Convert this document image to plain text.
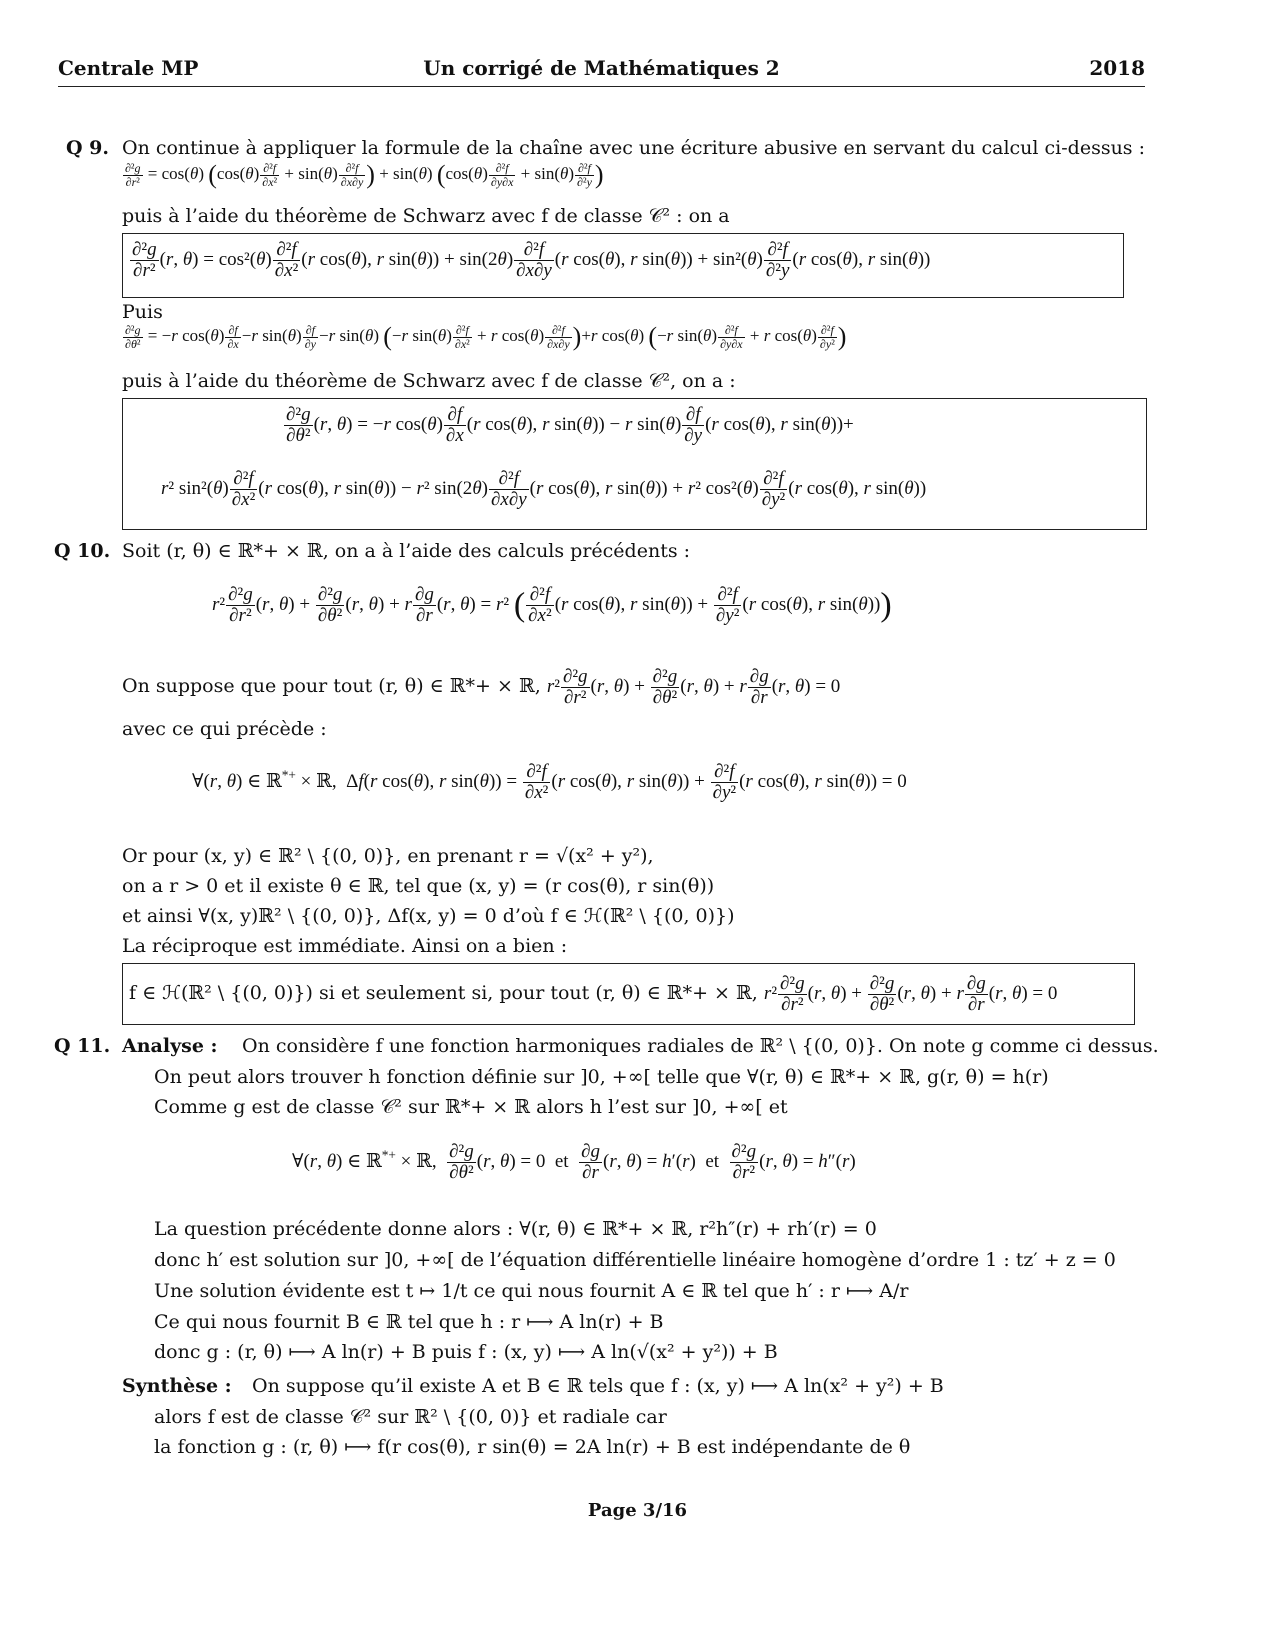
Centrale MP	Un corrigé de Mathématiques 2	2018
Q 9. On continue à appliquer la formule de la chaîne avec une écriture abusive en servant du calcul ci-dessus :
$\frac{\text{∂²g}}{\text{∂r²}} = \cos(\theta)$ ($\cos(\theta) \frac{\text{∂²f}}{\text{∂x²}} + \sin(\theta) \frac{\text{∂²f}}{\partial x\partial y}$ ) + sin(θ) ($\cos(\theta) \frac{\text{∂²f}}{\partial y\partial x} + \sin(\theta) \frac{\text{∂²f}}{\text{∂²y}}$ )
puis à l’aide du théorème de Schwarz avec f de classe 𝒞² : on a
$\frac{\text{∂²g}}{\text{∂r²}} (r$, $\theta) = \cos^2(\theta) \frac{\text{∂²f}}{\text{∂x²}} (r$ cos(θ), r $\sin(\theta)) + \sin(2\theta) \frac{\text{∂²f}}{\partial x\partial y} (r$ cos(θ), r $\sin(\theta)) + \sin^2(\theta) \frac{\text{∂²f}}{\text{∂²y}} (r$ cos(θ), r sin(θ))
Puis
$\frac{\text{∂²g}}{\text{∂θ²}} = -r$ $\cos(\theta) \frac{\partial f}{\partial x} -r$ $\sin(\theta) \frac{\partial f}{\partial y} -r$ sin(θ) (−r $\sin(\theta) \frac{\text{∂²f}}{\text{∂x²}} + r$ $\cos(\theta) \frac{\text{∂²f}}{\partial x\partial y} )+r$ cos(θ) (−r $\sin(\theta) \frac{\text{∂²f}}{\partial y\partial x} + r$ $\cos(\theta) \frac{\text{∂²f}}{\text{∂y²}}$ )
puis à l’aide du théorème de Schwarz avec f de classe 𝒞², on a :
$\frac{\text{∂²g}}{\text{∂θ²}} (r$, θ) = −r $\cos(\theta) \frac{\partial f}{\partial x} (r$ cos(θ), r sin(θ)) − r $\sin(\theta) \frac{\partial f}{\partial y} (r$ cos(θ), r sin(θ))+
r² $\sin^2(\theta) \frac{\text{∂²f}}{\text{∂x²}} (r$ cos(θ), r sin(θ)) − r² $\sin(2\theta) \frac{\text{∂²f}}{\partial x\partial y} (r$ cos(θ), r sin(θ)) + r² $\cos^2(\theta) \frac{\text{∂²f}}{\text{∂y²}} (r$ cos(θ), r sin(θ))
Q 10. Soit (r, θ) ∈ ℝ*+ × ℝ, on a à l’aide des calculs précédents :
$r^2 \frac{\text{∂²g}}{\text{∂r²}} (r$, $\theta) + \frac{\text{∂²g}}{\text{∂θ²}} (r$, θ) + r $\frac{\partial g}{\partial r} (r$, θ) = r² ( $\frac{\text{∂²f}}{\text{∂x²}} (r$ cos(θ), r $\sin(\theta)) + \frac{\text{∂²f}}{\text{∂y²}} (r$ cos(θ), r sin(θ)))
On suppose que pour tout (r, θ) ∈ ℝ*+ × ℝ, $r^2 \frac{\text{∂²g}}{\text{∂r²}} (r$, $\theta) + \frac{\text{∂²g}}{\text{∂θ²}} (r$, θ) + r $\frac{\partial g}{\partial r} (r$, θ) = 0
avec ce qui précède :
∀(r, θ) ∈ ℝ*+ × ℝ,  Δf(r cos(θ), r $\sin(\theta)) = \frac{\text{∂²f}}{\text{∂x²}} (r$ cos(θ), r $\sin(\theta)) + \frac{\text{∂²f}}{\text{∂y²}} (r$ cos(θ), r sin(θ)) = 0
Or pour (x, y) ∈ ℝ² \ {(0, 0)}, en prenant r = √(x² + y²),
on a r > 0 et il existe θ ∈ ℝ, tel que (x, y) = (r cos(θ), r sin(θ))
et ainsi ∀(x, y)ℝ² \ {(0, 0)}, Δf(x, y) = 0 d’où f ∈ ℋ(ℝ² \ {(0, 0)})
La réciproque est immédiate. Ainsi on a bien :
f ∈ ℋ(ℝ² \ {(0, 0)}) si et seulement si, pour tout (r, θ) ∈ ℝ*+ × ℝ, $r^2 \frac{\text{∂²g}}{\text{∂r²}} (r$, $\theta) + \frac{\text{∂²g}}{\text{∂θ²}} (r$, θ) + r $\frac{\partial g}{\partial r} (r$, θ) = 0
Q 11. Analyse : On considère f une fonction harmoniques radiales de ℝ² \ {(0, 0)}. On note g comme ci dessus.
On peut alors trouver h fonction définie sur ]0, +∞[ telle que ∀(r, θ) ∈ ℝ*+ × ℝ, g(r, θ) = h(r)
Comme g est de classe 𝒞² sur ℝ*+ × ℝ alors h l’est sur ]0, +∞[ et
∀(r, θ) ∈ ℝ*+ × ℝ, $\frac{\text{∂²g}}{\text{∂θ²}} (r$, θ) = 0  et $\frac{\partial g}{\partial r} (r$, θ) = h′(r)  et $\frac{\text{∂²g}}{\text{∂r²}} (r$, θ) = h″(r)
La question précédente donne alors : ∀(r, θ) ∈ ℝ*+ × ℝ, r²h″(r) + rh′(r) = 0
donc h′ est solution sur ]0, +∞[ de l’équation différentielle linéaire homogène d’ordre 1 : tz′ + z = 0
Une solution évidente est t ↦ 1/t ce qui nous fournit A ∈ ℝ tel que h′ : r ⟼ A/r
Ce qui nous fournit B ∈ ℝ tel que h : r ⟼ A ln(r) + B
donc g : (r, θ) ⟼ A ln(r) + B puis f : (x, y) ⟼ A ln(√(x² + y²)) + B
Synthèse : On suppose qu’il existe A et B ∈ ℝ tels que f : (x, y) ⟼ A ln(x² + y²) + B
alors f est de classe 𝒞² sur ℝ² \ {(0, 0)} et radiale car
la fonction g : (r, θ) ⟼ f(r cos(θ), r sin(θ) = 2A ln(r) + B est indépendante de θ
Page 3/16
